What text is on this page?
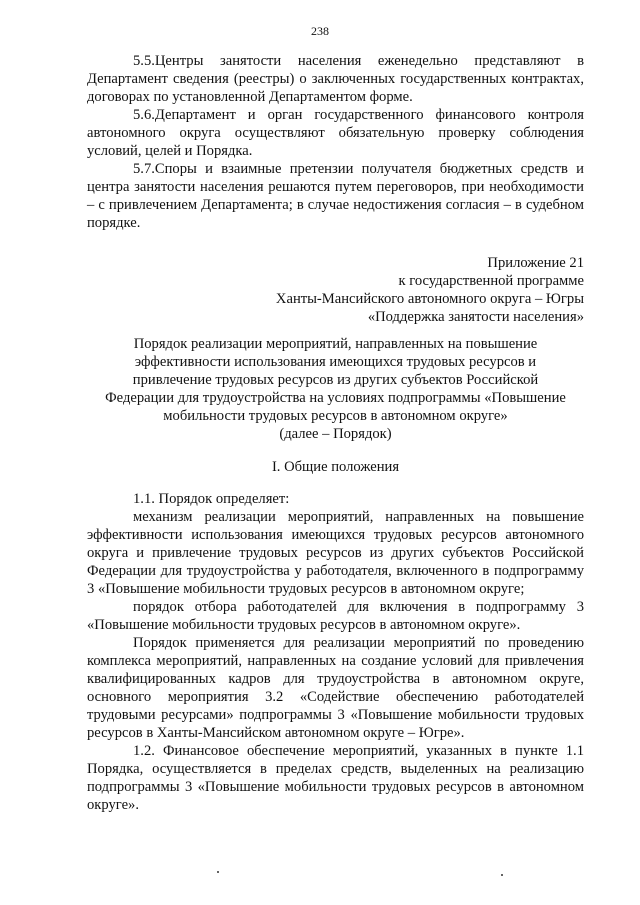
238

5.5.Центры занятости населения еженедельно представляют в Департамент сведения (реестры) о заключенных государственных контрактах, договорах по установленной Департаментом форме.

5.6.Департамент и орган государственного финансового контроля автономного округа осуществляют обязательную проверку соблюдения условий, целей и Порядка.

5.7.Споры и взаимные претензии получателя бюджетных средств и центра занятости населения решаются путем переговоров, при необходимости – с привлечением Департамента; в случае недостижения согласия – в судебном порядке.

Приложение 21
к государственной программе
Ханты-Мансийского автономного округа – Югры
«Поддержка занятости населения»
Порядок реализации мероприятий, направленных на повышение
эффективности использования имеющихся трудовых ресурсов и
привлечение трудовых ресурсов из других субъектов Российской
Федерации для трудоустройства на условиях подпрограммы «Повышение
мобильности трудовых ресурсов в автономном округе»
(далее – Порядок)
I. Общие положения

1.1. Порядок определяет:

механизм реализации мероприятий, направленных на повышение эффективности использования имеющихся трудовых ресурсов автономного округа и привлечение трудовых ресурсов из других субъектов Российской Федерации для трудоустройства у работодателя, включенного в подпрограмму 3 «Повышение мобильности трудовых ресурсов в автономном округе;

порядок отбора работодателей для включения в подпрограмму 3 «Повышение мобильности трудовых ресурсов в автономном округе».

Порядок применяется для реализации мероприятий по проведению комплекса мероприятий, направленных на создание условий для привлечения квалифицированных кадров для трудоустройства в автономном округе, основного мероприятия 3.2 «Содействие обеспечению работодателей трудовыми ресурсами» подпрограммы 3 «Повышение мобильности трудовых ресурсов в Ханты-Мансийском автономном округе – Югре».

1.2. Финансовое обеспечение мероприятий, указанных в пункте 1.1 Порядка, осуществляется в пределах средств, выделенных на реализацию подпрограммы 3 «Повышение мобильности трудовых ресурсов в автономном округе».
